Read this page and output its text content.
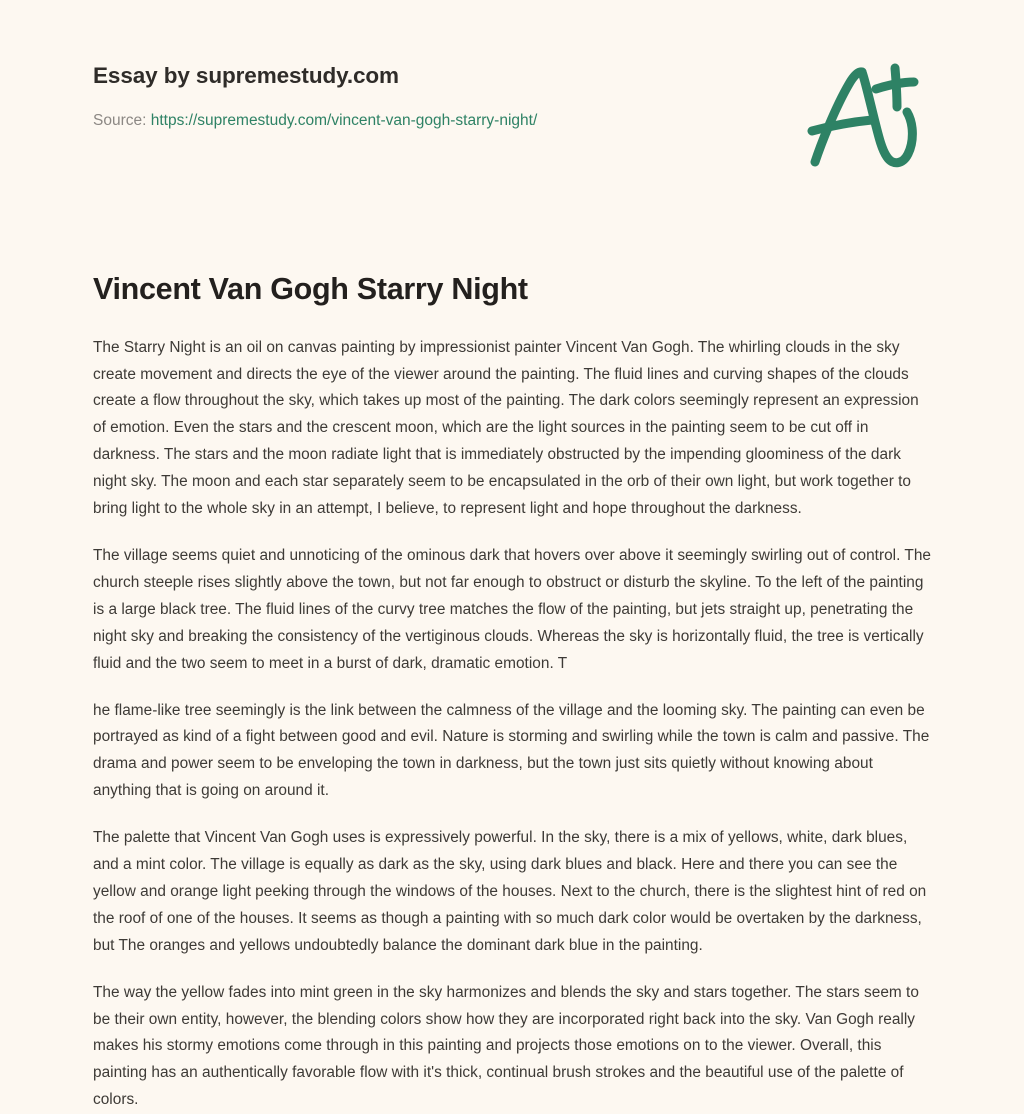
Essay by supremestudy.com
Source: https://supremestudy.com/vincent-van-gogh-starry-night/
Vincent Van Gogh Starry Night

The Starry Night is an oil on canvas painting by impressionist painter Vincent Van Gogh. The whirling clouds in the sky create movement and directs the eye of the viewer around the painting. The fluid lines and curving shapes of the clouds create a flow throughout the sky, which takes up most of the painting. The dark colors seemingly represent an expression of emotion. Even the stars and the crescent moon, which are the light sources in the painting seem to be cut off in darkness. The stars and the moon radiate light that is immediately obstructed by the impending gloominess of the dark night sky. The moon and each star separately seem to be encapsulated in the orb of their own light, but work together to bring light to the whole sky in an attempt, I believe, to represent light and hope throughout the darkness.

The village seems quiet and unnoticing of the ominous dark that hovers over above it seemingly swirling out of control. The church steeple rises slightly above the town, but not far enough to obstruct or disturb the skyline. To the left of the painting is a large black tree. The fluid lines of the curvy tree matches the flow of the painting, but jets straight up, penetrating the night sky and breaking the consistency of the vertiginous clouds. Whereas the sky is horizontally fluid, the tree is vertically fluid and the two seem to meet in a burst of dark, dramatic emotion. T

he flame-like tree seemingly is the link between the calmness of the village and the looming sky. The painting can even be portrayed as kind of a fight between good and evil. Nature is storming and swirling while the town is calm and passive. The drama and power seem to be enveloping the town in darkness, but the town just sits quietly without knowing about anything that is going on around it.

The palette that Vincent Van Gogh uses is expressively powerful. In the sky, there is a mix of yellows, white, dark blues, and a mint color. The village is equally as dark as the sky, using dark blues and black. Here and there you can see the yellow and orange light peeking through the windows of the houses. Next to the church, there is the slightest hint of red on the roof of one of the houses. It seems as though a painting with so much dark color would be overtaken by the darkness, but The oranges and yellows undoubtedly balance the dominant dark blue in the painting.

The way the yellow fades into mint green in the sky harmonizes and blends the sky and stars together. The stars seem to be their own entity, however, the blending colors show how they are incorporated right back into the sky. Van Gogh really makes his stormy emotions come through in this painting and projects those emotions on to the viewer. Overall, this painting has an authentically favorable flow with it's thick, continual brush strokes and the beautiful use of the palette of colors.
